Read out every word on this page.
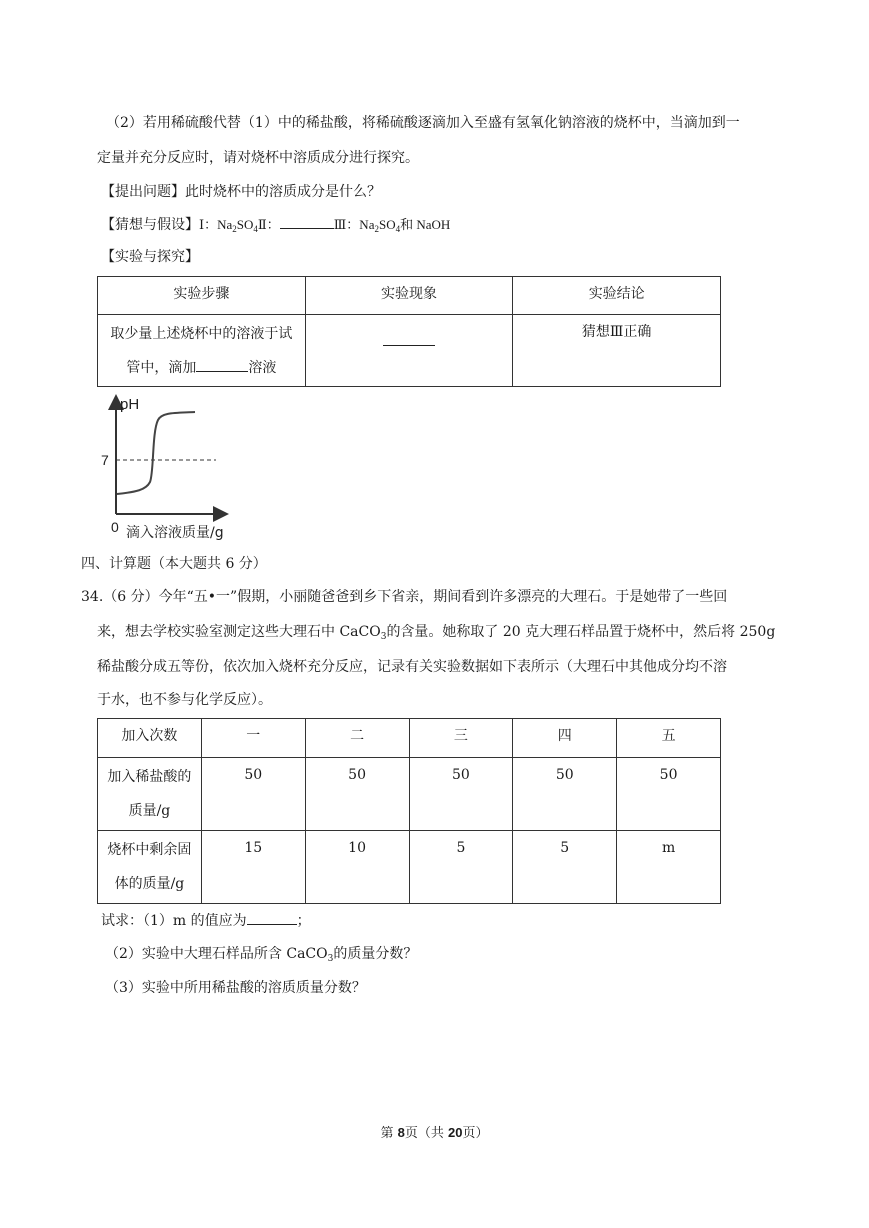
（2）若用稀硫酸代替（1）中的稀盐酸，将稀硫酸逐滴加入至盛有氢氧化钠溶液的烧杯中，当滴加到一
定量并充分反应时，请对烧杯中溶质成分进行探究。
【提出问题】此时烧杯中的溶质成分是什么？
【猜想与假设】Ⅰ：$Na_2SO_4Ⅱ$：	Ⅲ：$Na_2SO_4$和 NaOH
【实验与探究】
实验步骤	实验现象	实验结论

取少量上述烧杯中的溶液于试
管中，滴加 溶液		猜想Ⅲ正确
pH
7
0 滴入溶液质量/g
四、计算题（本大题共 6 分）
34.（6 分）今年“五•一”假期，小丽随爸爸到乡下省亲，期间看到许多漂亮的大理石。于是她带了一些回
来，想去学校实验室测定这些大理石中 CaCO$_3$的含量。她称取了 20 克大理石样品置于烧杯中，然后将 250g
稀盐酸分成五等份，依次加入烧杯充分反应，记录有关实验数据如下表所示（大理石中其他成分均不溶
于水，也不参与化学反应）。
加入次数	一	二	三	四	五

加入稀盐酸的
质量/g	50	50	50	50	50

烧杯中剩余固
体的质量/g	15	10	5	5	m
试求：（1）m 的值应为	；
（2）实验中大理石样品所含 CaCO$_3$的质量分数？
（3）实验中所用稀盐酸的溶质质量分数？
第 8页（共 20页）
